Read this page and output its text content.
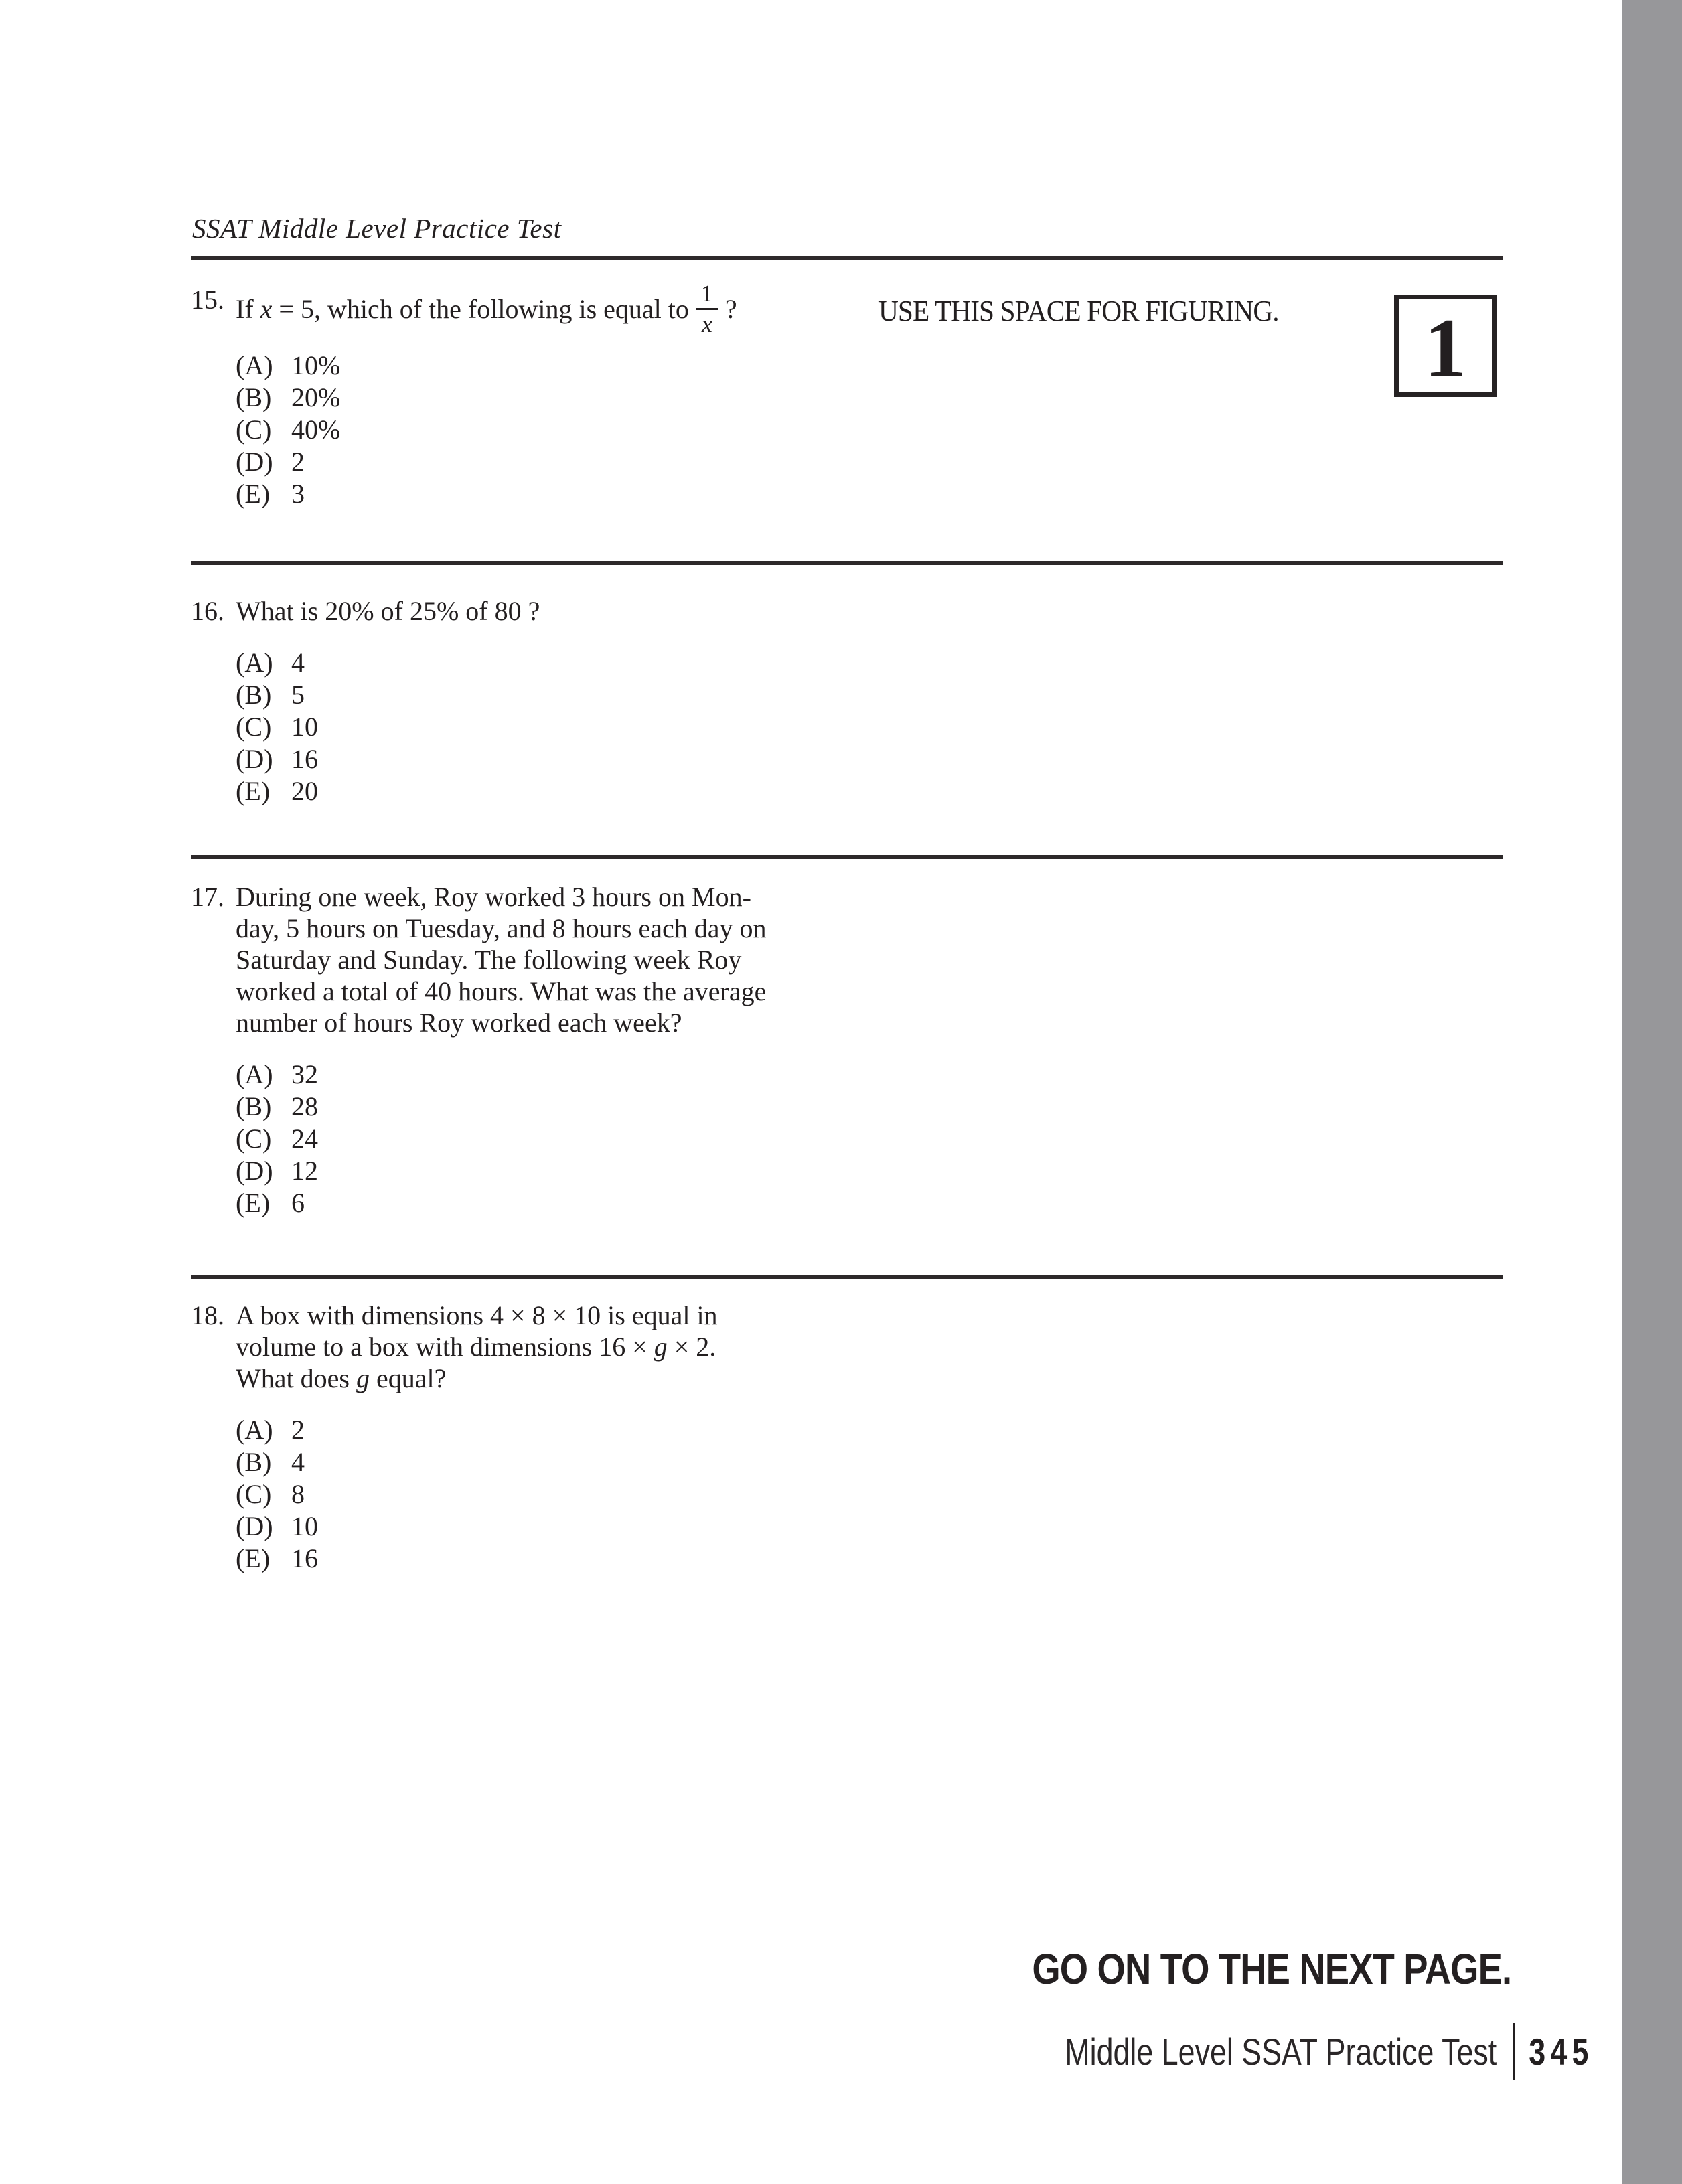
SSAT Middle Level Practice Test
USE THIS SPACE FOR FIGURING. 1
15. If x = 5, which of the following is equal to $\frac{1}{x}$ ?
(A) 10%
(B) 20%
(C) 40%
(D) 2
(E) 3
16. What is 20% of 25% of 80 ?
(A) 4
(B) 5
(C) 10
(D) 16
(E) 20
17. During one week, Roy worked 3 hours on Mon-
day, 5 hours on Tuesday, and 8 hours each day on
Saturday and Sunday. The following week Roy
worked a total of 40 hours. What was the average
number of hours Roy worked each week?
(A) 32
(B) 28
(C) 24
(D) 12
(E) 6
18. A box with dimensions 4 × 8 × 10 is equal in
volume to a box with dimensions 16 × g × 2.
What does g equal?
(A) 2
(B) 4
(C) 8
(D) 10
(E) 16
GO ON TO THE NEXT PAGE.
Middle Level SSAT Practice Test 345
